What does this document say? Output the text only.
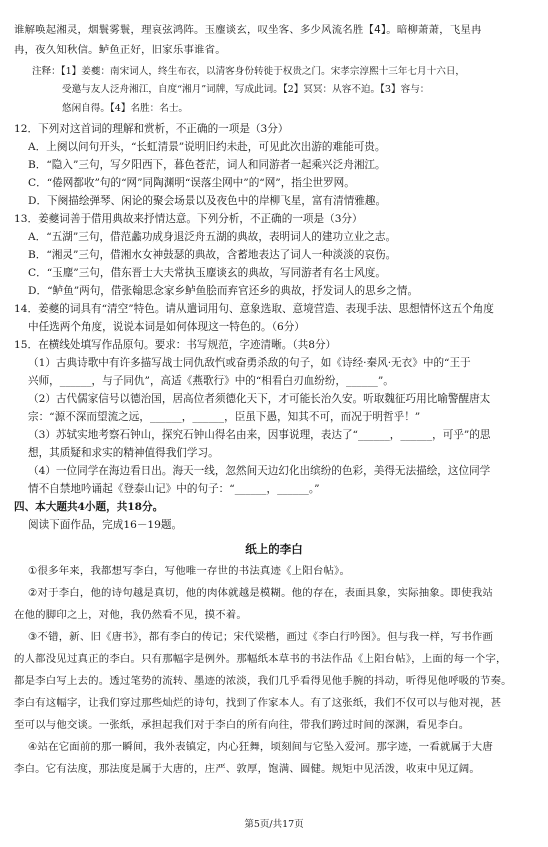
谁解唤起湘灵，烟鬟雾鬟，理哀弦鸿阵。玉麈谈玄，叹坐客、多少风流名胜【4】。暗柳萧萧，飞星冉
冉，夜久知秋信。鲈鱼正好，旧家乐事谁省。
注释：【1】姜夔：南宋词人，终生布衣，以清客身份转徙于权贵之门。宋孝宗淳熙十三年七月十六日，
受邀与友人泛舟湘江，自度“湘月”词牌，写成此词。【2】冥冥：从容不迫。【3】容与：
悠闲自得。【4】名胜：名士。
12．下列对这首词的理解和赏析，不正确的一项是（3分）
A．上阕以问句开头，“长虹清景”说明旧约未赴，可见此次出游的难能可贵。
B．“隐入”三句，写夕阳西下，暮色苍茫，词人和同游者一起乘兴泛舟湘江。
C．“倦网都收”句的“网”同陶渊明“误落尘网中”的“网”，指尘世罗网。
D．下阕描绘弹琴、闲论的聚会场景以及夜色中的岸柳飞星，富有清情雅趣。
13．姜夔词善于借用典故来抒情达意。下列分析，不正确的一项是（3分）
A．“五湖”三句，借范蠡功成身退泛舟五湖的典故，表明词人的建功立业之志。
B．“湘灵”三句，借湘水女神鼓瑟的典故，含蓄地表达了词人一种淡淡的哀伤。
C．“玉麈”三句，借东晋士大夫常执玉麈谈玄的典故，写同游者有名士风度。
D．“鲈鱼”两句，借张翰思念家乡鲈鱼脍而弃官还乡的典故，抒发词人的思乡之情。
14．姜夔的词具有“清空”特色。请从遣词用句、意象选取、意境营造、表现手法、思想情怀这五个角度
中任选两个角度，说说本词是如何体现这一特色的。（6分）
15．在横线处填写作品原句。要求：书写规范，字迹清晰。（共8分）
（1）古典诗歌中有许多描写战士同仇敌忾或奋勇杀敌的句子，如《诗经·秦风·无衣》中的“王于
兴师，______，与子同仇”，高适《燕歌行》中的“相看白刃血纷纷，______”。
（2）古代儒家信号以德治国，居高位者须德化天下，才可能长治久安。听取魏征巧用比喻警醒唐太
宗：“源不深而望流之远，______，______，臣虽下愚，知其不可，而况于明哲乎！”
（3）苏轼实地考察石钟山，探究石钟山得名由来，因事说理，表达了“______，______，可乎”的思
想，其质疑和求实的精神值得我们学习。
（4）一位同学在海边看日出。海天一线，忽然间天边幻化出缤纷的色彩，美得无法描绘，这位同学
情不自禁地吟诵起《登泰山记》中的句子：“______，______。”
四、本大题共4小题，共18分。
阅读下面作品，完成16－19题。
纸上的李白
①很多年来，我都想写李白，写他唯一存世的书法真迹《上阳台帖》。
②对于李白，他的诗句越是真切，他的肉体就越是模糊。他的存在，表面具象，实际抽象。即使我站
在他的脚印之上，对他，我仍然看不见，摸不着。
③不错，新、旧《唐书》，都有李白的传记；宋代梁楷，画过《李白行吟图》。但与我一样，写书作画
的人都没见过真正的李白。只有那幅字是例外。那幅纸本草书的书法作品《上阳台帖》，上面的每一个字，
都是李白写上去的。透过笔势的流转、墨迹的浓淡，我们几乎看得见他手腕的抖动，听得见他呼吸的节奏。
李白有这幅字，让我们穿过那些灿烂的诗句，找到了作家本人。有了这张纸，我们不仅可以与他对视，甚
至可以与他交谈。一张纸，承担起我们对于李白的所有向往，带我们跨过时间的深渊，看见李白。
④站在它面前的那一瞬间，我外表镇定，内心狂舞，顷刻间与它坠入爱河。那字迹，一看就属于大唐
李白。它有法度，那法度是属于大唐的，庄严、敦厚，饱满、圆健。规矩中见活泼，收束中见辽阔。
第5页/共17页
